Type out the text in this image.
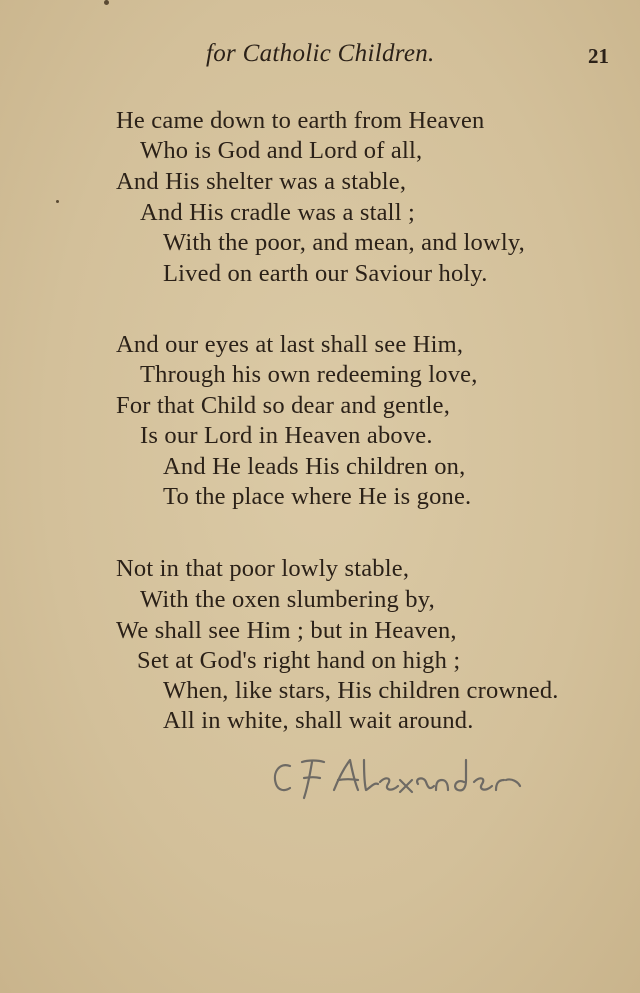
for Catholic Children.	21
He came down to earth from Heaven
Who is God and Lord of all,
And His shelter was a stable,
And His cradle was a stall ;
With the poor, and mean, and lowly,
Lived on earth our Saviour holy.
And our eyes at last shall see Him,
Through his own redeeming love,
For that Child so dear and gentle,
Is our Lord in Heaven above.
And He leads His children on,
To the place where He is gone.
Not in that poor lowly stable,
With the oxen slumbering by,
We shall see Him ; but in Heaven,
Set at God's right hand on high ;
When, like stars, His children crowned.
All in white, shall wait around.
